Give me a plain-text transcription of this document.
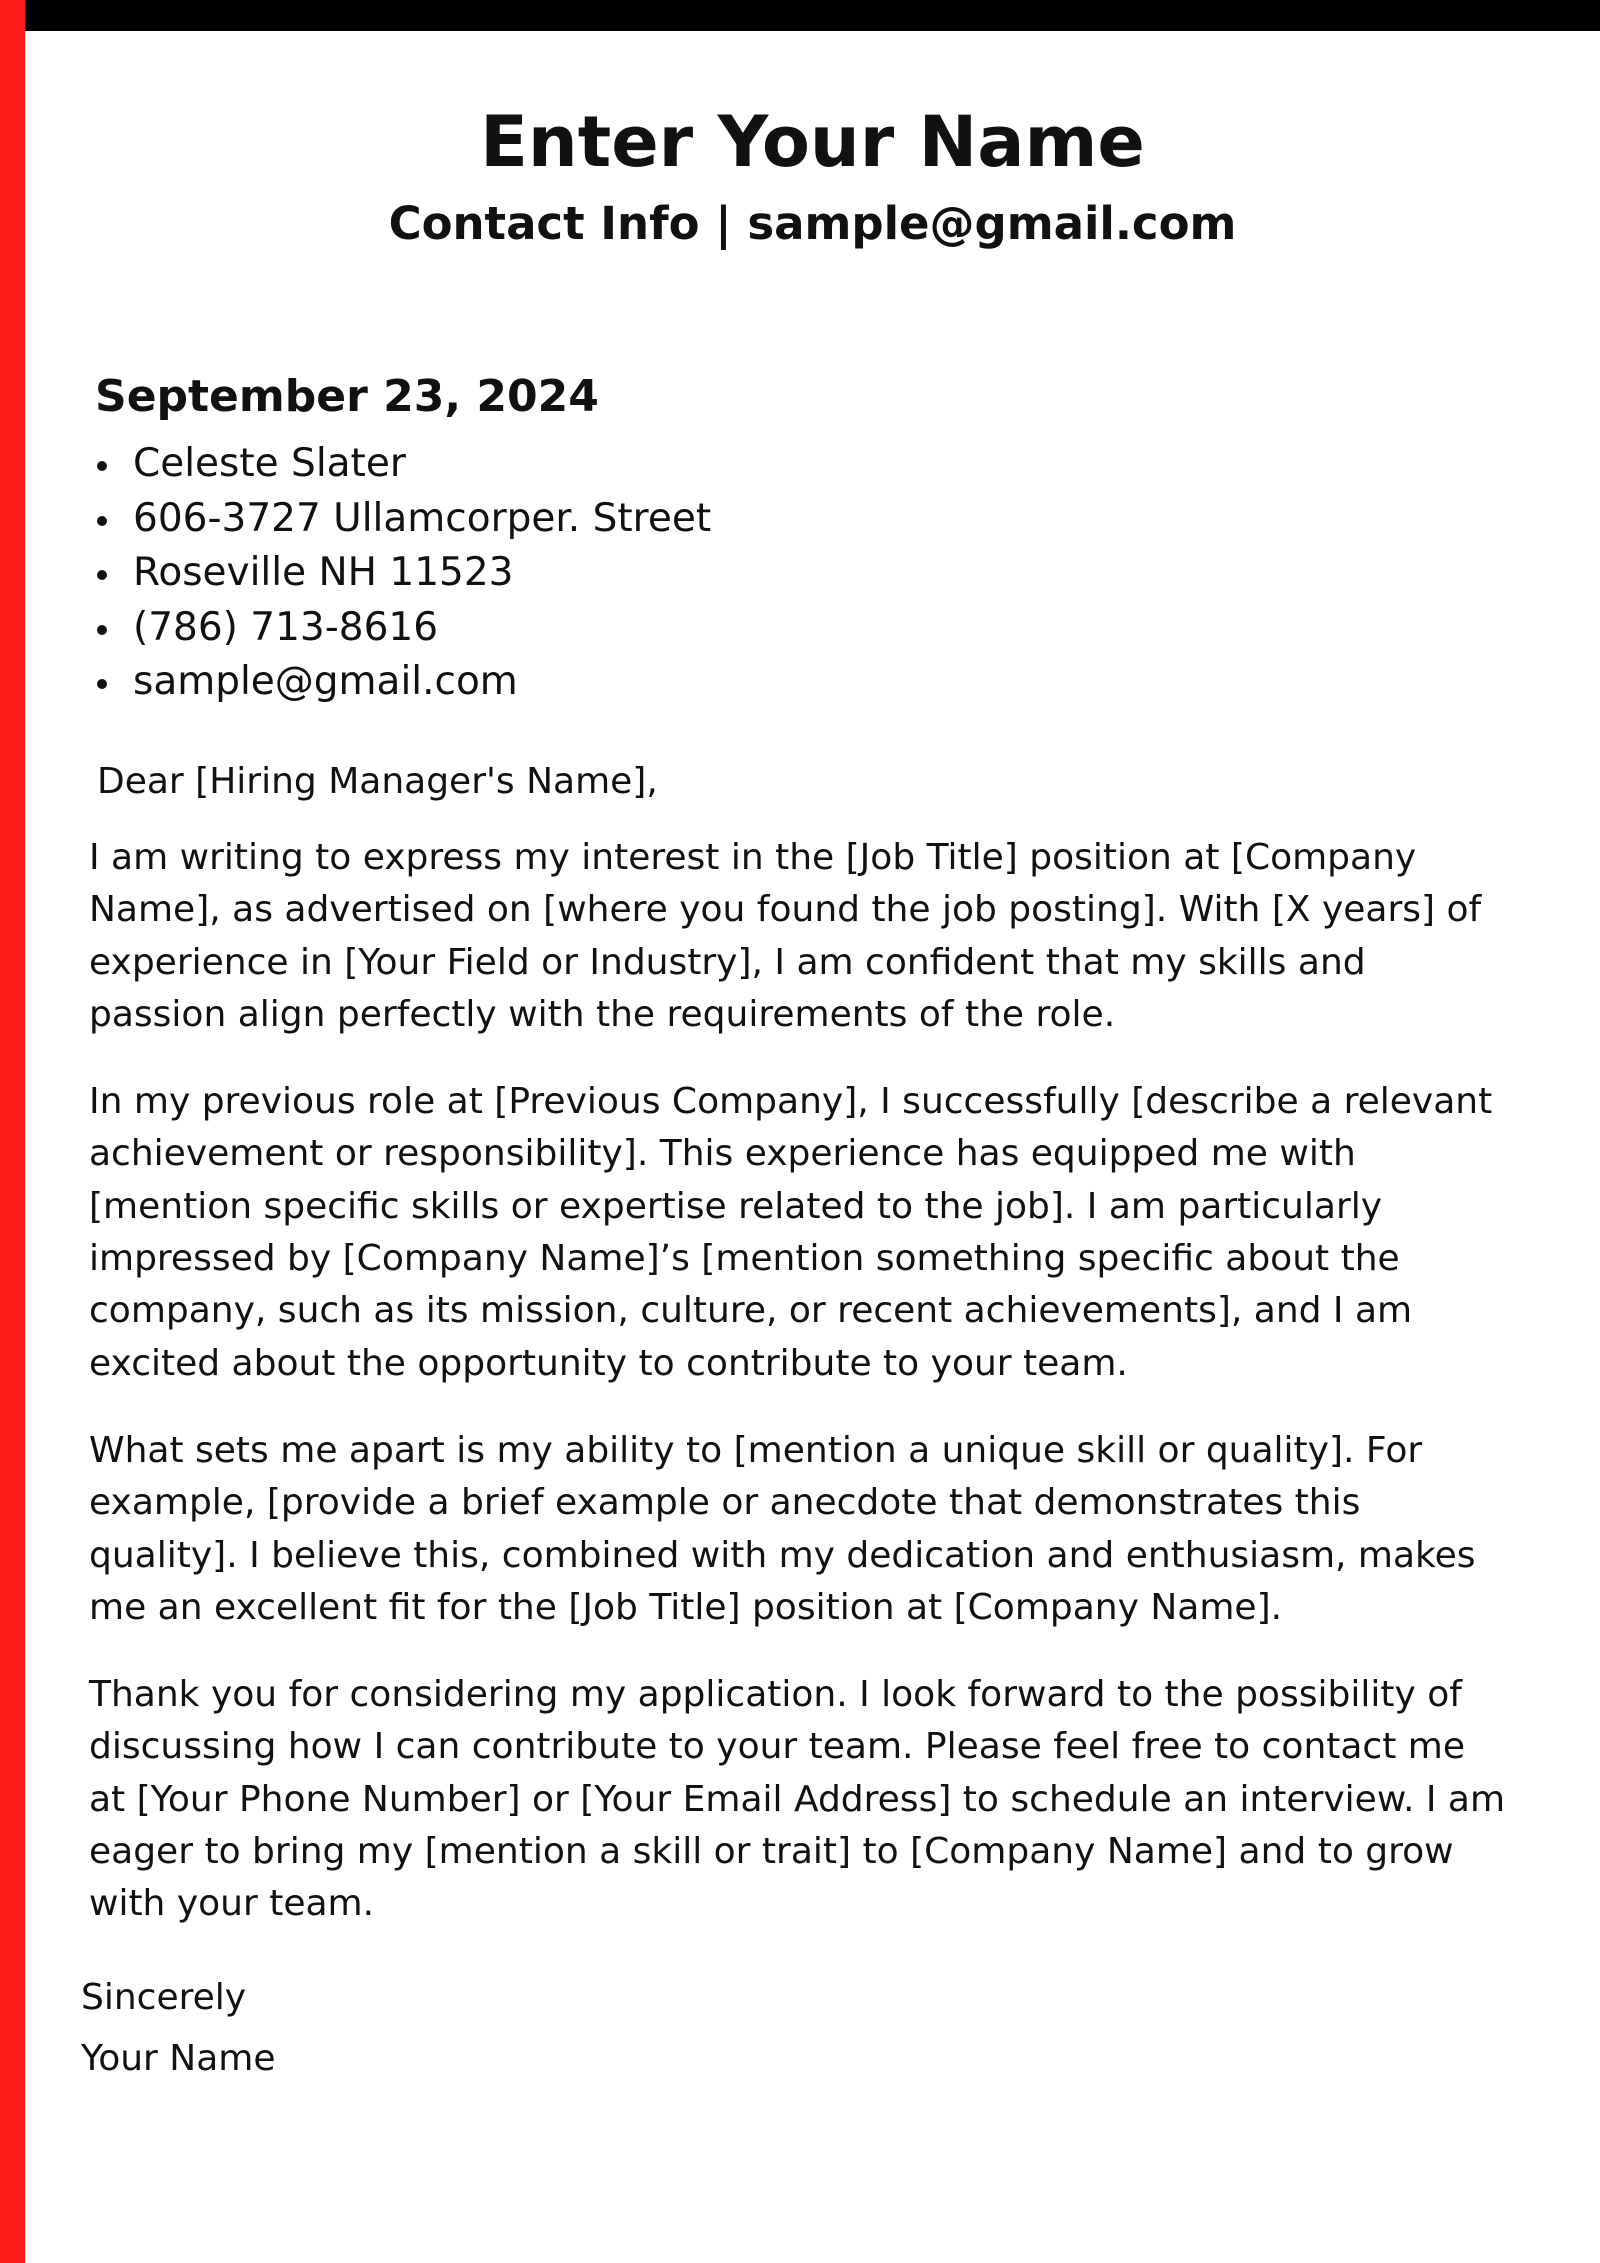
Enter Your Name
Contact Info | sample@gmail.com
September 23, 2024
Celeste Slater
606-3727 Ullamcorper. Street
Roseville NH 11523
(786) 713-8616
sample@gmail.com
Dear [Hiring Manager's Name],

I am writing to express my interest in the [Job Title] position at [Company Name], as advertised on [where you found the job posting]. With [X years] of experience in [Your Field or Industry], I am confident that my skills and passion align perfectly with the requirements of the role.

In my previous role at [Previous Company], I successfully [describe a relevant achievement or responsibility]. This experience has equipped me with [mention specific skills or expertise related to the job]. I am particularly impressed by [Company Name]’s [mention something specific about the company, such as its mission, culture, or recent achievements], and I am excited about the opportunity to contribute to your team.

What sets me apart is my ability to [mention a unique skill or quality]. For example, [provide a brief example or anecdote that demonstrates this quality]. I believe this, combined with my dedication and enthusiasm, makes me an excellent fit for the [Job Title] position at [Company Name].

Thank you for considering my application. I look forward to the possibility of discussing how I can contribute to your team. Please feel free to contact me at [Your Phone Number] or [Your Email Address] to schedule an interview. I am eager to bring my [mention a skill or trait] to [Company Name] and to grow with your team.

Sincerely
Your Name
